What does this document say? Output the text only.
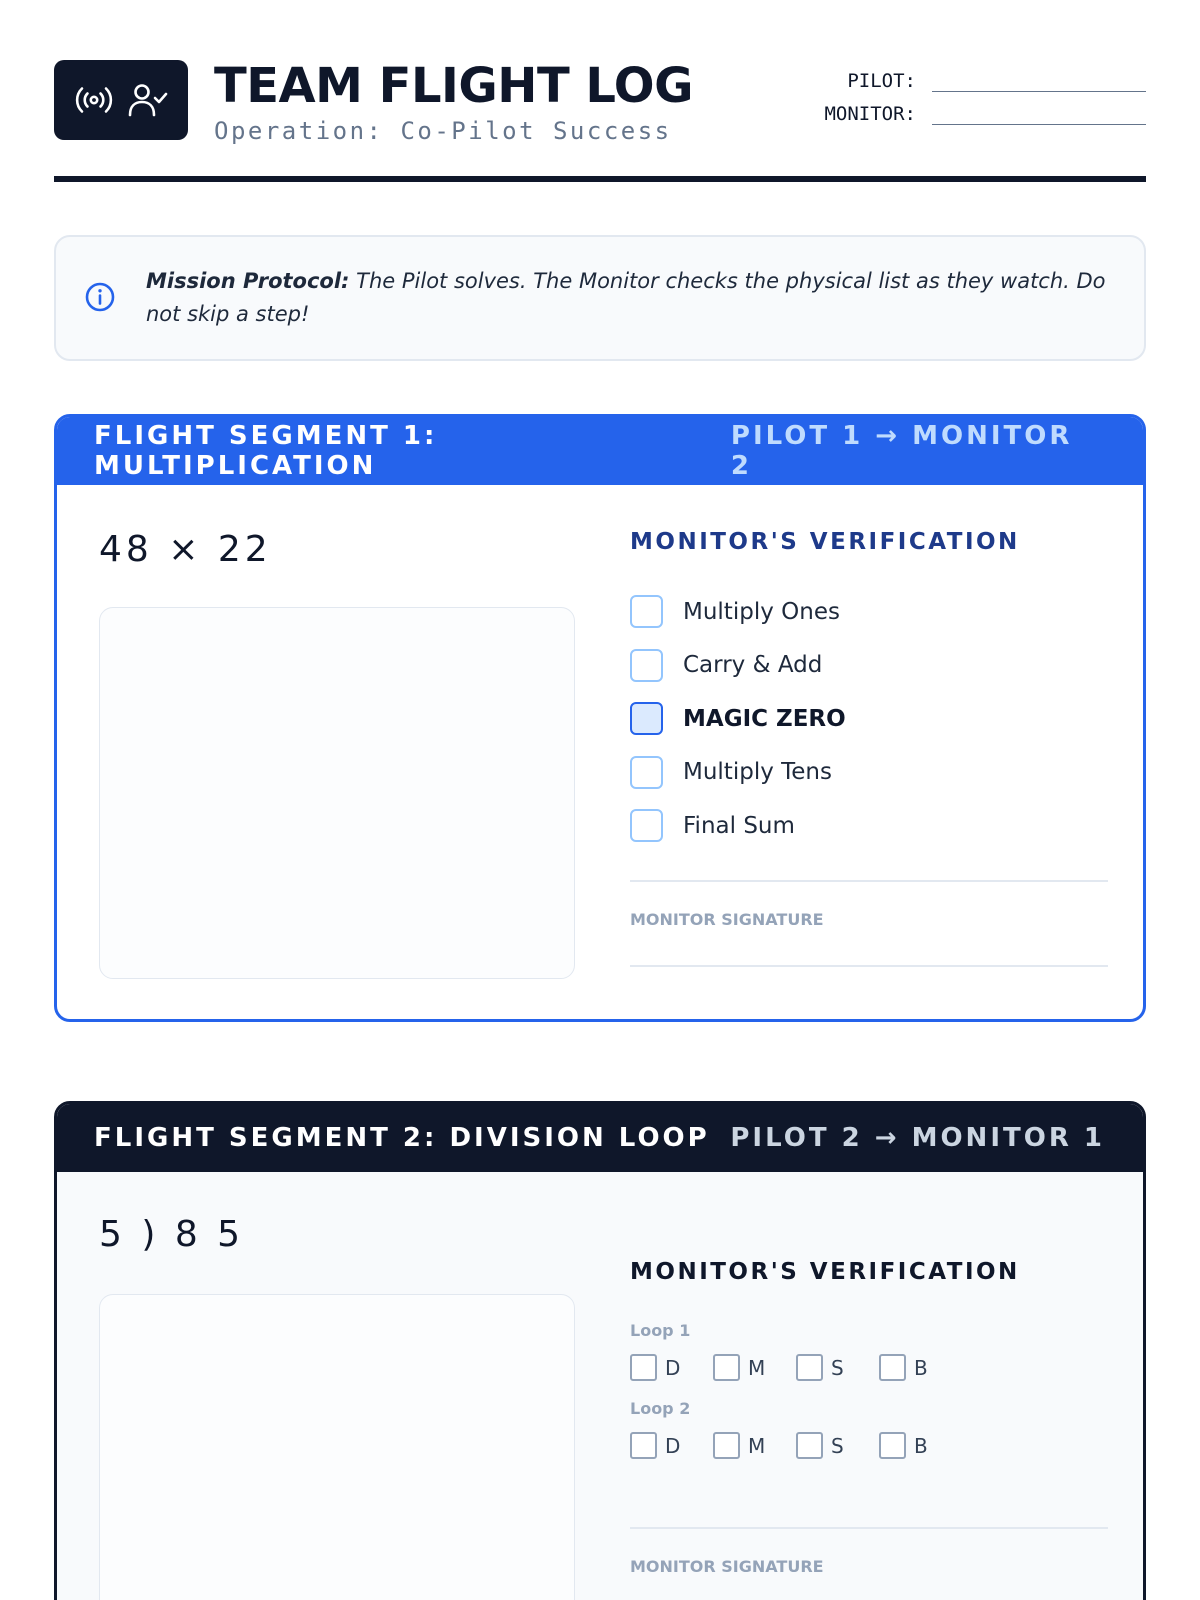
TEAM FLIGHT LOG
Operation: Co-Pilot Success
PILOT:
MONITOR:
Mission Protocol: The Pilot solves. The Monitor checks the physical list as they watch. Do not skip a step!
FLIGHT SEGMENT 1: MULTIPLICATION
PILOT 1 → MONITOR 2
48 × 22	MONITOR'S VERIFICATION
Multiply Ones
Carry & Add
MAGIC ZERO
Multiply Tens
Final Sum
MONITOR SIGNATURE
FLIGHT SEGMENT 2: DIVISION LOOP PILOT 2 → MONITOR 1
5 ) 8 5
MONITOR'S VERIFICATION
Loop 1
D	M	S	B
Loop 2
D	M	S	B
MONITOR SIGNATURE
